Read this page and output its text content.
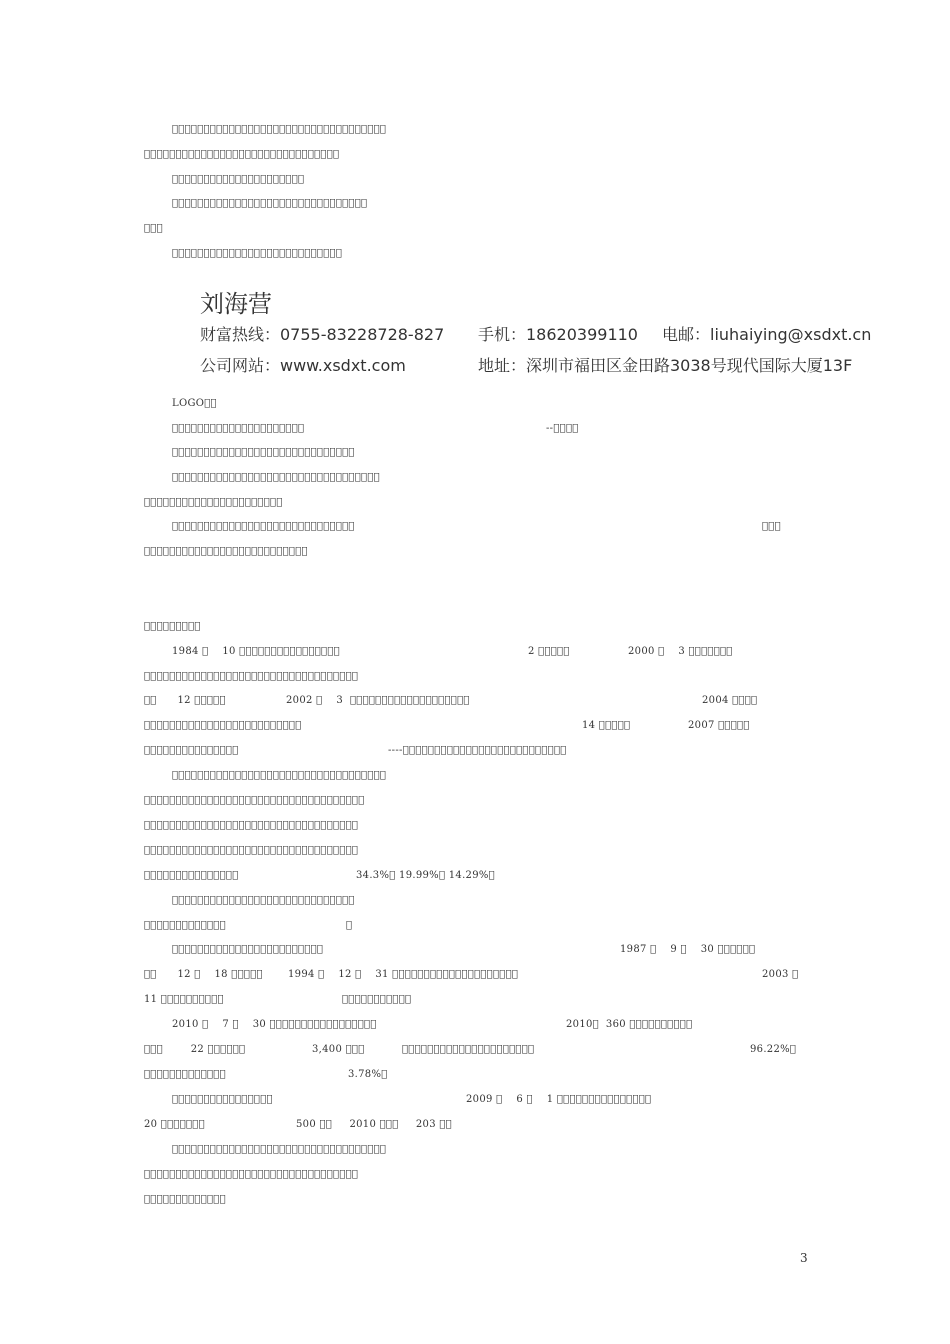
􀀀􀀀􀀀􀀀􀀀􀀀􀀀􀀀􀀀􀀀􀀀􀀀􀀀􀀀􀀀􀀀􀀀􀀀􀀀􀀀􀀀􀀀􀀀􀀀􀀀􀀀􀀀􀀀􀀀􀀀􀀀􀀀􀀀􀀀
􀀀􀀀􀀀􀀀􀀀􀀀􀀀􀀀􀀀􀀀􀀀􀀀􀀀􀀀􀀀􀀀􀀀􀀀􀀀􀀀􀀀􀀀􀀀􀀀􀀀􀀀􀀀􀀀􀀀􀀀􀀀
􀀀􀀀􀀀􀀀􀀀􀀀􀀀􀀀􀀀􀀀􀀀􀀀􀀀􀀀􀀀􀀀􀀀􀀀􀀀􀀀􀀀
􀀀􀀀􀀀􀀀􀀀􀀀􀀀􀀀􀀀􀀀􀀀􀀀􀀀􀀀􀀀􀀀􀀀􀀀􀀀􀀀􀀀􀀀􀀀􀀀􀀀􀀀􀀀􀀀􀀀􀀀􀀀
􀀀􀀀􀀀
􀀀􀀀􀀀􀀀􀀀􀀀􀀀􀀀􀀀􀀀􀀀􀀀􀀀􀀀􀀀􀀀􀀀􀀀􀀀􀀀􀀀􀀀􀀀􀀀􀀀􀀀􀀀
刘海营
财富热线：0755-83228728-827 手机：18620399110 电邮：liuhaiying@xsdxt.cn
公司网站：www.xsdxt.com	地址：深圳市福田区金田路3038号现代国际大厦13F
LOGO􀀀􀀀
􀀀􀀀􀀀􀀀􀀀􀀀􀀀􀀀􀀀􀀀􀀀􀀀􀀀􀀀􀀀􀀀􀀀􀀀􀀀􀀀􀀀	--􀀀􀀀􀀀􀀀
􀀀􀀀􀀀􀀀􀀀􀀀􀀀􀀀􀀀􀀀􀀀􀀀􀀀􀀀􀀀􀀀􀀀􀀀􀀀􀀀􀀀􀀀􀀀􀀀􀀀􀀀􀀀􀀀􀀀
􀀀􀀀􀀀􀀀􀀀􀀀􀀀􀀀􀀀􀀀􀀀􀀀􀀀􀀀􀀀􀀀􀀀􀀀􀀀􀀀􀀀􀀀􀀀􀀀􀀀􀀀􀀀􀀀􀀀􀀀􀀀􀀀􀀀
􀀀􀀀􀀀􀀀􀀀􀀀􀀀􀀀􀀀􀀀􀀀􀀀􀀀􀀀􀀀􀀀􀀀􀀀􀀀􀀀􀀀􀀀
􀀀􀀀􀀀􀀀􀀀􀀀􀀀􀀀􀀀􀀀􀀀􀀀􀀀􀀀􀀀􀀀􀀀􀀀􀀀􀀀􀀀􀀀􀀀􀀀􀀀􀀀􀀀􀀀􀀀	􀀀􀀀􀀀
􀀀􀀀􀀀􀀀􀀀􀀀􀀀􀀀􀀀􀀀􀀀􀀀􀀀􀀀􀀀􀀀􀀀􀀀􀀀􀀀􀀀􀀀􀀀􀀀􀀀􀀀
􀀀􀀀􀀀􀀀􀀀􀀀􀀀􀀀􀀀
1984 􀀀    10 􀀀􀀀􀀀􀀀􀀀􀀀􀀀􀀀􀀀􀀀􀀀􀀀􀀀􀀀􀀀􀀀	2 􀀀􀀀􀀀􀀀􀀀	2000 􀀀    3 􀀀􀀀􀀀􀀀􀀀􀀀􀀀
􀀀􀀀􀀀􀀀􀀀􀀀􀀀􀀀􀀀􀀀􀀀􀀀􀀀􀀀􀀀􀀀􀀀􀀀􀀀􀀀􀀀􀀀􀀀􀀀􀀀􀀀􀀀􀀀􀀀􀀀􀀀􀀀􀀀􀀀
􀀀􀀀      12 􀀀􀀀􀀀􀀀􀀀	2002 􀀀    3  􀀀􀀀􀀀􀀀􀀀􀀀􀀀􀀀􀀀􀀀􀀀􀀀􀀀􀀀􀀀􀀀􀀀􀀀􀀀	2004 􀀀􀀀􀀀􀀀
􀀀􀀀􀀀􀀀􀀀􀀀􀀀􀀀􀀀􀀀􀀀􀀀􀀀􀀀􀀀􀀀􀀀􀀀􀀀􀀀􀀀􀀀􀀀􀀀􀀀	14 􀀀􀀀􀀀􀀀􀀀	2007 􀀀􀀀􀀀􀀀􀀀
􀀀􀀀􀀀􀀀􀀀􀀀􀀀􀀀􀀀􀀀􀀀􀀀􀀀􀀀􀀀	----􀀀􀀀􀀀􀀀􀀀􀀀􀀀􀀀􀀀􀀀􀀀􀀀􀀀􀀀􀀀􀀀􀀀􀀀􀀀􀀀􀀀􀀀􀀀􀀀􀀀􀀀
􀀀􀀀􀀀􀀀􀀀􀀀􀀀􀀀􀀀􀀀􀀀􀀀􀀀􀀀􀀀􀀀􀀀􀀀􀀀􀀀􀀀􀀀􀀀􀀀􀀀􀀀􀀀􀀀􀀀􀀀􀀀􀀀􀀀􀀀
􀀀􀀀􀀀􀀀􀀀􀀀􀀀􀀀􀀀􀀀􀀀􀀀􀀀􀀀􀀀􀀀􀀀􀀀􀀀􀀀􀀀􀀀􀀀􀀀􀀀􀀀􀀀􀀀􀀀􀀀􀀀􀀀􀀀􀀀􀀀
􀀀􀀀􀀀􀀀􀀀􀀀􀀀􀀀􀀀􀀀􀀀􀀀􀀀􀀀􀀀􀀀􀀀􀀀􀀀􀀀􀀀􀀀􀀀􀀀􀀀􀀀􀀀􀀀􀀀􀀀􀀀􀀀􀀀􀀀
􀀀􀀀􀀀􀀀􀀀􀀀􀀀􀀀􀀀􀀀􀀀􀀀􀀀􀀀􀀀􀀀􀀀􀀀􀀀􀀀􀀀􀀀􀀀􀀀􀀀􀀀􀀀􀀀􀀀􀀀􀀀􀀀􀀀􀀀
􀀀􀀀􀀀􀀀􀀀􀀀􀀀􀀀􀀀􀀀􀀀􀀀􀀀􀀀􀀀	34.3%􀀀 19.99%􀀀 14.29%􀀀
􀀀􀀀􀀀􀀀􀀀􀀀􀀀􀀀􀀀􀀀􀀀􀀀􀀀􀀀􀀀􀀀􀀀􀀀􀀀􀀀􀀀􀀀􀀀􀀀􀀀􀀀􀀀􀀀􀀀
􀀀􀀀􀀀􀀀􀀀􀀀􀀀􀀀􀀀􀀀􀀀􀀀􀀀	􀀀
􀀀􀀀􀀀􀀀􀀀􀀀􀀀􀀀􀀀􀀀􀀀􀀀􀀀􀀀􀀀􀀀􀀀􀀀􀀀􀀀􀀀􀀀􀀀􀀀	1987 􀀀    9 􀀀    30 􀀀􀀀􀀀􀀀􀀀􀀀
􀀀􀀀      12 􀀀    18 􀀀􀀀􀀀􀀀􀀀	1994 􀀀    12 􀀀    31 􀀀􀀀􀀀􀀀􀀀􀀀􀀀􀀀􀀀􀀀􀀀􀀀􀀀􀀀􀀀􀀀􀀀􀀀􀀀􀀀	2003 􀀀
11 􀀀􀀀􀀀􀀀􀀀􀀀􀀀􀀀􀀀􀀀	􀀀􀀀􀀀􀀀􀀀􀀀􀀀􀀀􀀀􀀀􀀀
2010 􀀀    7 􀀀    30 􀀀􀀀􀀀􀀀􀀀􀀀􀀀􀀀􀀀􀀀􀀀􀀀􀀀􀀀􀀀􀀀􀀀	2010􀀀  360 􀀀􀀀􀀀􀀀􀀀􀀀􀀀􀀀􀀀􀀀
􀀀􀀀􀀀        22 􀀀􀀀􀀀􀀀􀀀􀀀	3,400 􀀀􀀀􀀀	􀀀􀀀􀀀􀀀􀀀􀀀􀀀􀀀􀀀􀀀􀀀􀀀􀀀􀀀􀀀􀀀􀀀􀀀􀀀􀀀􀀀	96.22%􀀀
􀀀􀀀􀀀􀀀􀀀􀀀􀀀􀀀􀀀􀀀􀀀􀀀􀀀	3.78%􀀀
􀀀􀀀􀀀􀀀􀀀􀀀􀀀􀀀􀀀􀀀􀀀􀀀􀀀􀀀􀀀􀀀	2009 􀀀    6 􀀀    1 􀀀􀀀􀀀􀀀􀀀􀀀􀀀􀀀􀀀􀀀􀀀􀀀􀀀􀀀􀀀
20 􀀀􀀀􀀀􀀀􀀀􀀀􀀀	500 􀀀􀀀     2010 􀀀􀀀􀀀     203 􀀀􀀀
􀀀􀀀􀀀􀀀􀀀􀀀􀀀􀀀􀀀􀀀􀀀􀀀􀀀􀀀􀀀􀀀􀀀􀀀􀀀􀀀􀀀􀀀􀀀􀀀􀀀􀀀􀀀􀀀􀀀􀀀􀀀􀀀􀀀􀀀
􀀀􀀀􀀀􀀀􀀀􀀀􀀀􀀀􀀀􀀀􀀀􀀀􀀀􀀀􀀀􀀀􀀀􀀀􀀀􀀀􀀀􀀀􀀀􀀀􀀀􀀀􀀀􀀀􀀀􀀀􀀀􀀀􀀀􀀀
􀀀􀀀􀀀􀀀􀀀􀀀􀀀􀀀􀀀􀀀􀀀􀀀􀀀
3
